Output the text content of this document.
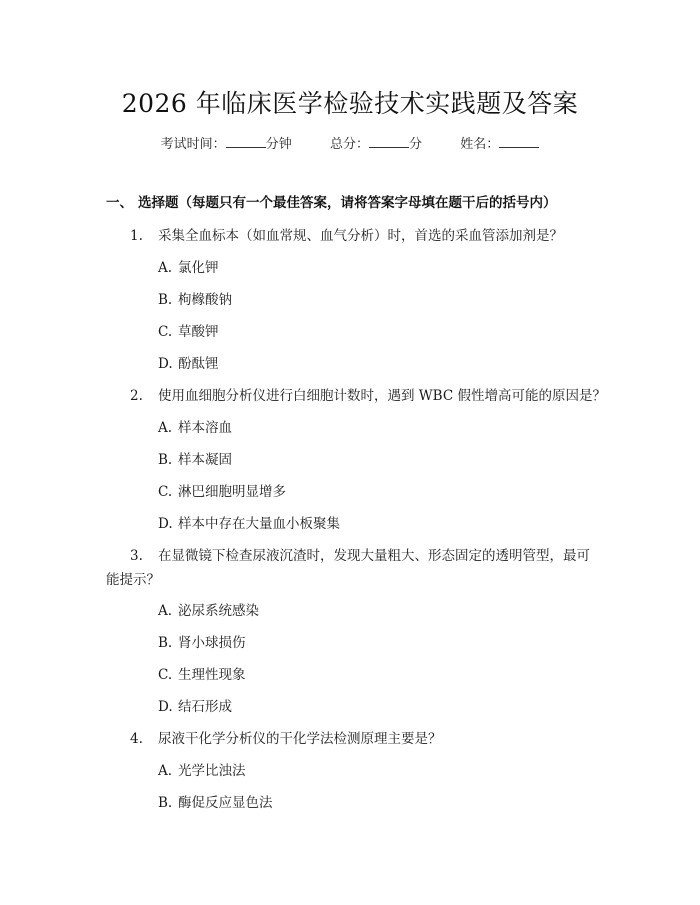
2026 年临床医学检验技术实践题及答案
考试时间：	分钟	总分：	分	姓名：
一、 选择题（每题只有一个最佳答案，请将答案字母填在题干后的括号内）
1. 采集全血标本（如血常规、血气分析）时，首选的采血管添加剂是？
A. 氯化钾
B. 枸橼酸钠
C. 草酸钾
D. 酚酞锂
2. 使用血细胞分析仪进行白细胞计数时，遇到 WBC 假性增高可能的原因是？
A. 样本溶血
B. 样本凝固
C. 淋巴细胞明显增多
D. 样本中存在大量血小板聚集
3. 在显微镜下检查尿液沉渣时，发现大量粗大、形态固定的透明管型，最可
能提示？
A. 泌尿系统感染
B. 肾小球损伤
C. 生理性现象
D. 结石形成
4. 尿液干化学分析仪的干化学法检测原理主要是？
A. 光学比浊法
B. 酶促反应显色法
